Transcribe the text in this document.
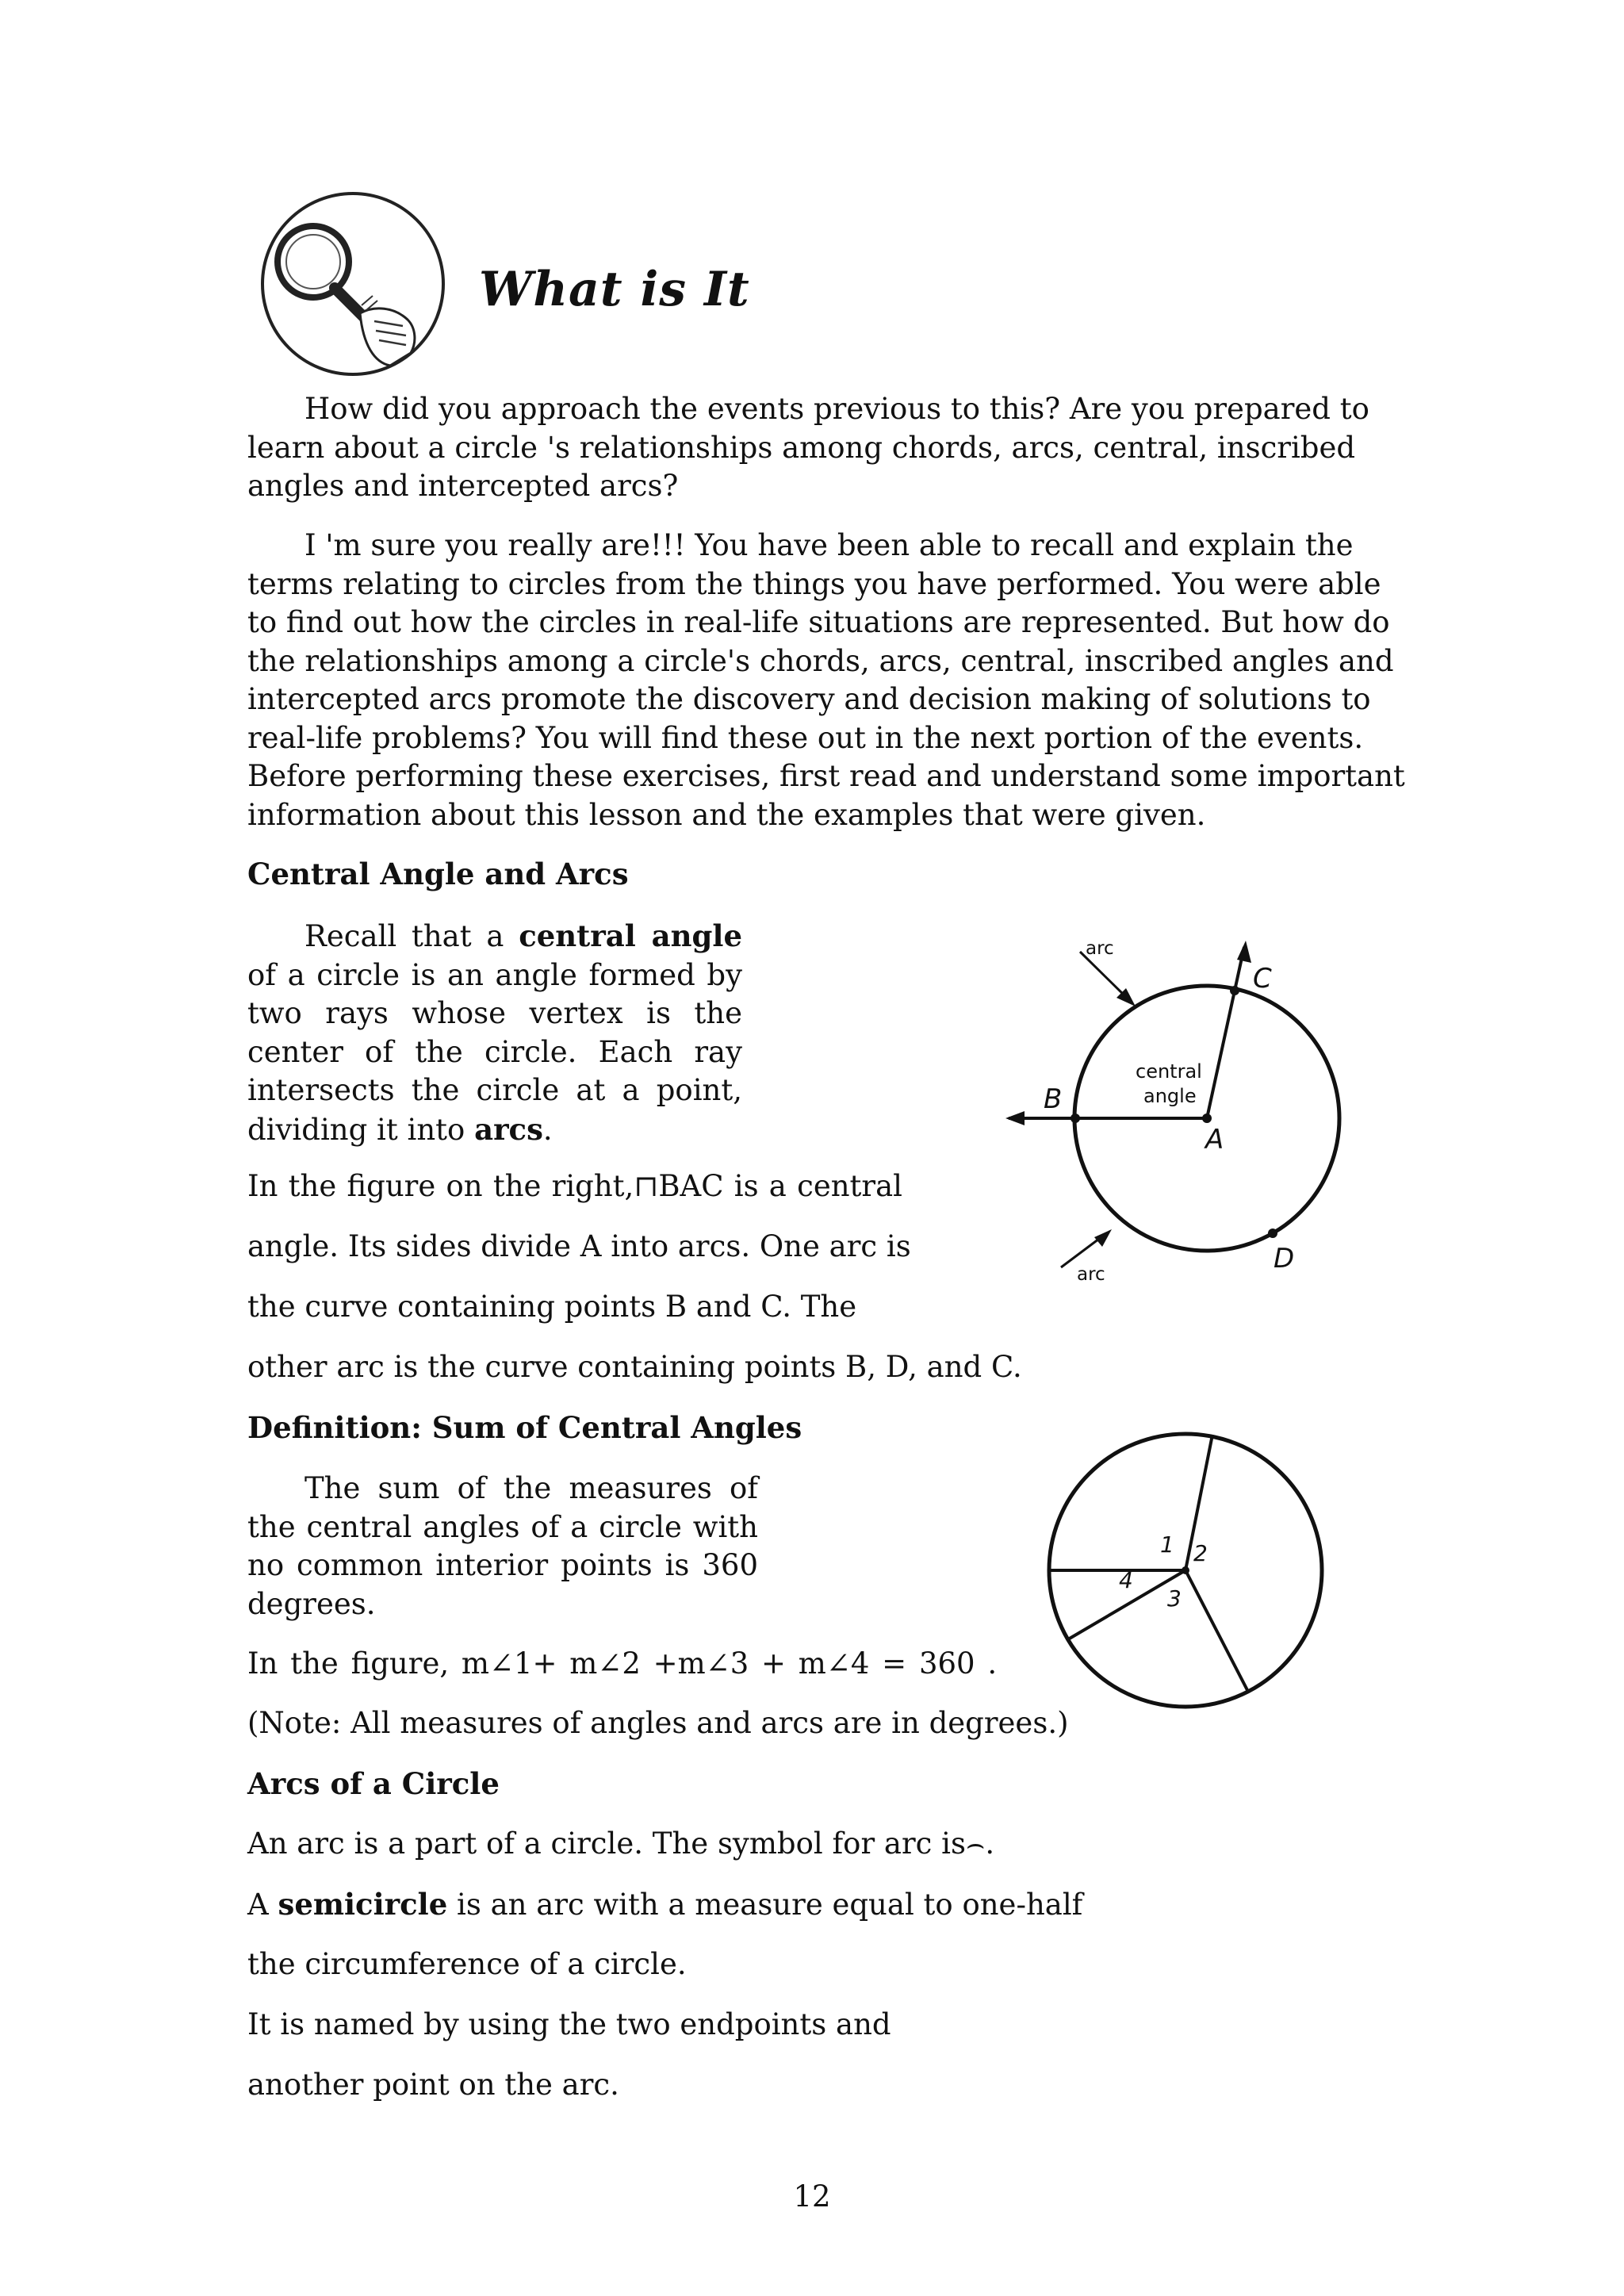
What is It
How did you approach the events previous to this? Are you prepared to
learn about a circle 's relationships among chords, arcs, central, inscribed
angles and intercepted arcs?
I 'm sure you really are!!! You have been able to recall and explain the
terms relating to circles from the things you have performed. You were able
to find out how the circles in real-life situations are represented. But how do
the relationships among a circle's chords, arcs, central, inscribed angles and
intercepted arcs promote the discovery and decision making of solutions to
real-life problems? You will find these out in the next portion of the events.
Before performing these exercises, first read and understand some important
information about this lesson and the examples that were given.
Central Angle and Arcs
Recall that a central angle
of a circle is an angle formed by
two rays whose vertex is the
center of the circle. Each ray
intersects the circle at a point,
dividing it into arcs.
In the figure on the right,⊓BAC is a central
angle. Its sides divide A into arcs. One arc is
the curve containing points B and C. The
other arc is the curve containing points B, D, and C.
arc
arc
central
angle
A
B
C
D
Definition: Sum of Central Angles
The sum of the measures of
the central angles of a circle with
no common interior points is 360
degrees.
In the figure, m∠1+ m∠2 +m∠3 + m∠4 = 360 .
(Note: All measures of angles and arcs are in degrees.)
1 2
3
4
Arcs of a Circle
An arc is a part of a circle. The symbol for arc is⌢.
A semicircle is an arc with a measure equal to one-half
the circumference of a circle.
It is named by using the two endpoints and
another point on the arc.
12
